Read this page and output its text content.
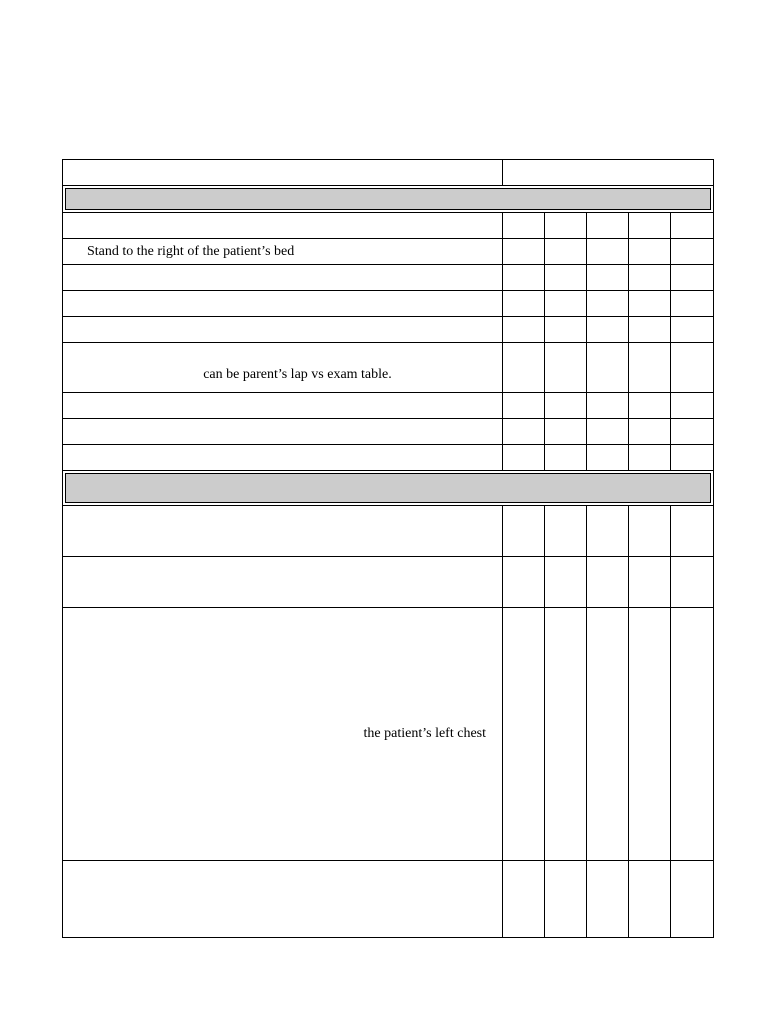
Stand to the right of the patient’s bed					

can be parent’s lap vs exam table.					

the patient’s left chest					
